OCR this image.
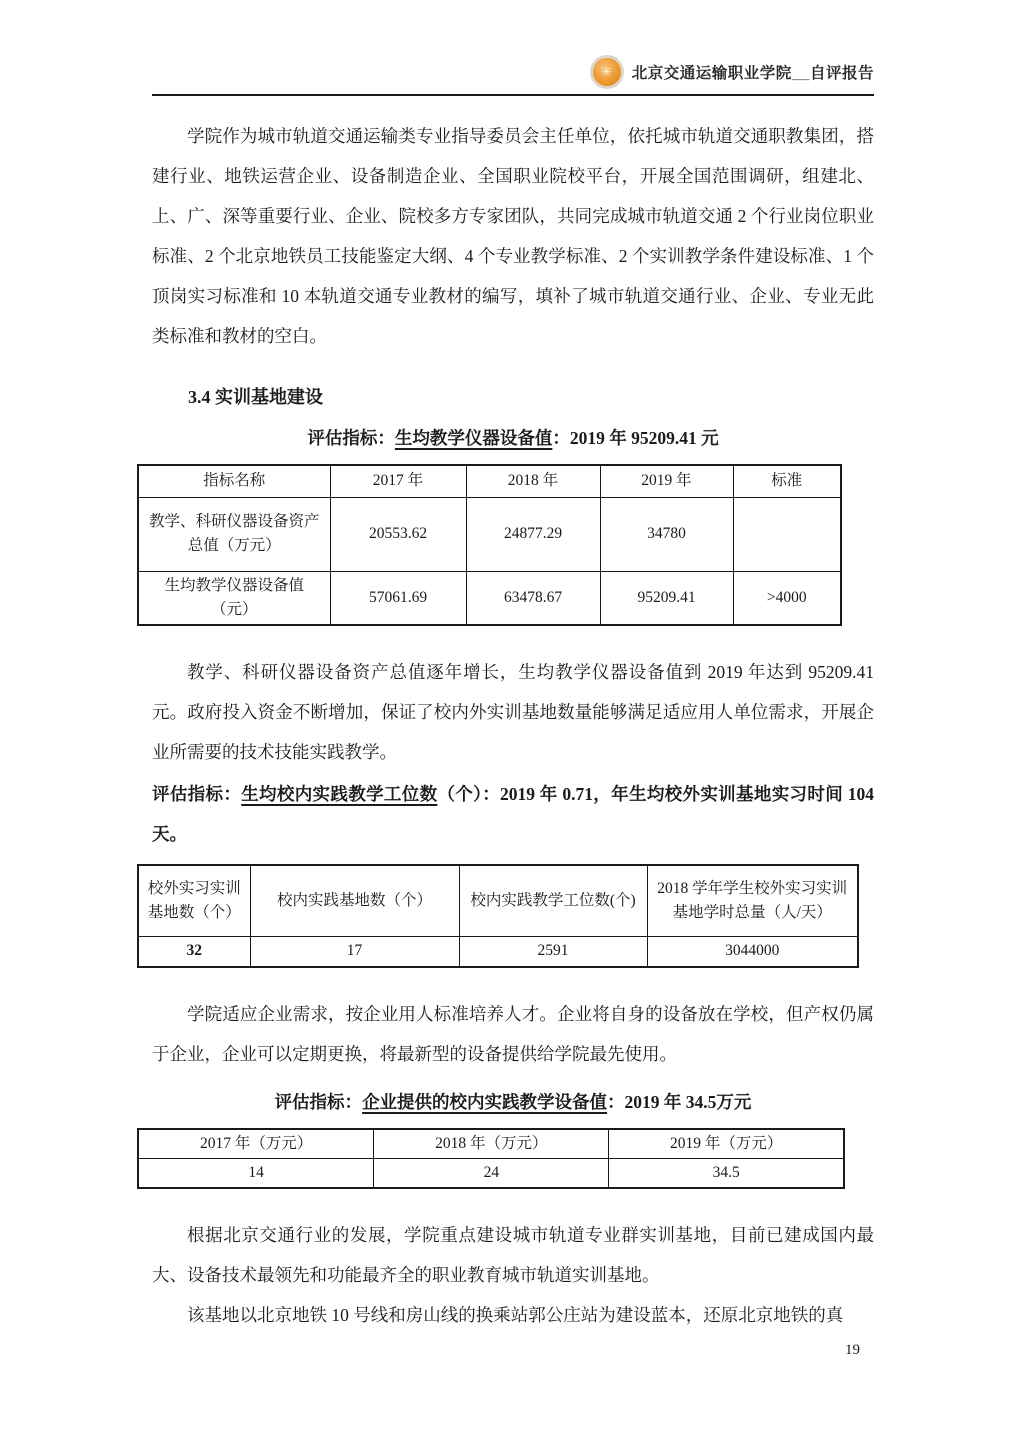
✳ 北京交通运输职业学院__自评报告

学院作为城市轨道交通运输类专业指导委员会主任单位，依托城市轨道交通职教集团，搭建行业、地铁运营企业、设备制造企业、全国职业院校平台，开展全国范围调研，组建北、上、广、深等重要行业、企业、院校多方专家团队，共同完成城市轨道交通 2 个行业岗位职业标准、2 个北京地铁员工技能鉴定大纲、4 个专业教学标准、2 个实训教学条件建设标准、1 个顶岗实习标准和 10 本轨道交通专业教材的编写，填补了城市轨道交通行业、企业、专业无此类标准和教材的空白。

3.4 实训基地建设

评估指标：生均教学仪器设备值：2019 年 95209.41 元

指标名称	2017 年	2018 年	2019 年	标准
教学、科研仪器设备资产总值（万元）	20553.62	24877.29	34780	
生均教学仪器设备值（元）	57061.69	63478.67	95209.41	>4000

教学、科研仪器设备资产总值逐年增长，生均教学仪器设备值到 2019 年达到 95209.41 元。政府投入资金不断增加，保证了校内外实训基地数量能够满足适应用人单位需求，开展企业所需要的技术技能实践教学。

评估指标：生均校内实践教学工位数（个）：2019 年 0.71，年生均校外实训基地实习时间 104天。

校外实习实训基地数（个）	校内实践基地数（个）	校内实践教学工位数(个)	2018 学年学生校外实习实训基地学时总量（人/天）
32	17	2591	3044000

学院适应企业需求，按企业用人标准培养人才。企业将自身的设备放在学校，但产权仍属于企业，企业可以定期更换，将最新型的设备提供给学院最先使用。

评估指标：企业提供的校内实践教学设备值：2019 年 34.5万元

2017 年（万元）	2018 年（万元）	2019 年（万元）
14	24	34.5

根据北京交通行业的发展，学院重点建设城市轨道专业群实训基地，目前已建成国内最大、设备技术最领先和功能最齐全的职业教育城市轨道实训基地。

该基地以北京地铁 10 号线和房山线的换乘站郭公庄站为建设蓝本，还原北京地铁的真

19
